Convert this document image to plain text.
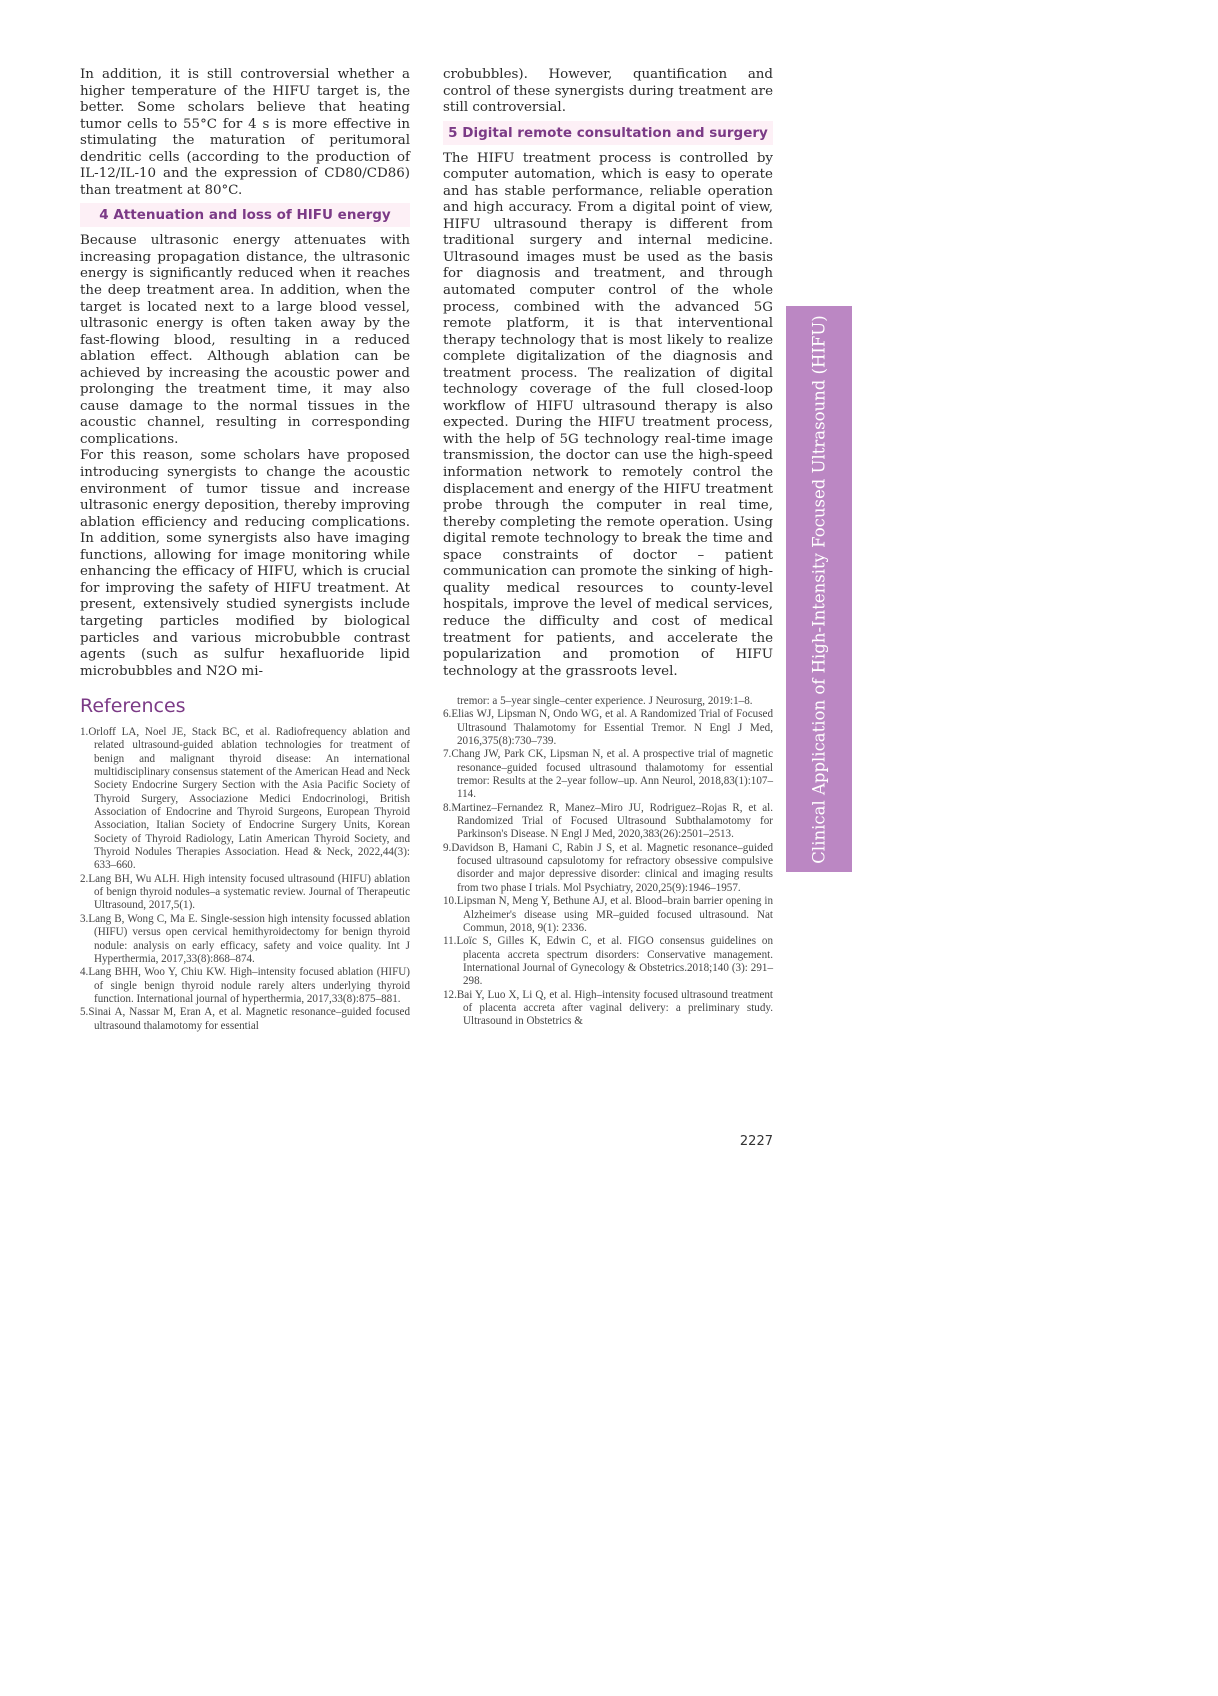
In addition, it is still controversial whether a higher temperature of the HIFU target is, the better. Some scholars believe that heating tumor cells to 55°C for 4 s is more effective in stimulating the maturation of peritumoral dendritic cells (according to the production of IL-12/IL-10 and the expression of CD80/CD86) than treatment at 80°C.

4 Attenuation and loss of HIFU energy

Because ultrasonic energy attenuates with increasing propagation distance, the ultrasonic energy is significantly reduced when it reaches the deep treatment area. In addition, when the target is located next to a large blood vessel, ultrasonic energy is often taken away by the fast-flowing blood, resulting in a reduced ablation effect. Although ablation can be achieved by increasing the acoustic power and prolonging the treatment time, it may also cause damage to the normal tissues in the acoustic channel, resulting in corresponding complications.

For this reason, some scholars have proposed introducing synergists to change the acoustic environment of tumor tissue and increase ultrasonic energy deposition, thereby improving ablation efficiency and reducing complications. In addition, some synergists also have imaging functions, allowing for image monitoring while enhancing the efficacy of HIFU, which is crucial for improving the safety of HIFU treatment. At present, extensively studied synergists include targeting particles modified by biological particles and various microbubble contrast agents (such as sulfur hexafluoride lipid microbubbles and N2O mi-

crobubbles). However, quantification and control of these synergists during treatment are still controversial.

5 Digital remote consultation and surgery

The HIFU treatment process is controlled by computer automation, which is easy to operate and has stable performance, reliable operation and high accuracy. From a digital point of view, HIFU ultrasound therapy is different from traditional surgery and internal medicine. Ultrasound images must be used as the basis for diagnosis and treatment, and through automated computer control of the whole process, combined with the advanced 5G remote platform, it is that interventional therapy technology that is most likely to realize complete digitalization of the diagnosis and treatment process. The realization of digital technology coverage of the full closed-loop workflow of HIFU ultrasound therapy is also expected. During the HIFU treatment process, with the help of 5G technology real-time image transmission, the doctor can use the high-speed information network to remotely control the displacement and energy of the HIFU treatment probe through the computer in real time, thereby completing the remote operation. Using digital remote technology to break the time and space constraints of doctor – patient communication can promote the sinking of high-quality medical resources to county-level hospitals, improve the level of medical services, reduce the difficulty and cost of medical treatment for patients, and accelerate the popularization and promotion of HIFU technology at the grassroots level.

References

1.Orloff LA, Noel JE, Stack BC, et al. Radiofrequency ablation and related ultrasound-guided ablation technologies for treatment of benign and malignant thyroid disease: An international multidisciplinary consensus statement of the American Head and Neck Society Endocrine Surgery Section with the Asia Pacific Society of Thyroid Surgery, Associazione Medici Endocrinologi, British Association of Endocrine and Thyroid Surgeons, European Thyroid Association, Italian Society of Endocrine Surgery Units, Korean Society of Thyroid Radiology, Latin American Thyroid Society, and Thyroid Nodules Therapies Association. Head & Neck, 2022,44(3): 633–660.

2.Lang BH, Wu ALH. High intensity focused ultrasound (HIFU) ablation of benign thyroid nodules–a systematic review. Journal of Therapeutic Ultrasound, 2017,5(1).

3.Lang B, Wong C, Ma E. Single-session high intensity focussed ablation (HIFU) versus open cervical hemithyroidectomy for benign thyroid nodule: analysis on early efficacy, safety and voice quality. Int J Hyperthermia, 2017,33(8):868–874.

4.Lang BHH, Woo Y, Chiu KW. High–intensity focused ablation (HIFU) of single benign thyroid nodule rarely alters underlying thyroid function. International journal of hyperthermia, 2017,33(8):875–881.

5.Sinai A, Nassar M, Eran A, et al. Magnetic resonance–guided focused ultrasound thalamotomy for essential

tremor: a 5–year single–center experience. J Neurosurg, 2019:1–8.

6.Elias WJ, Lipsman N, Ondo WG, et al. A Randomized Trial of Focused Ultrasound Thalamotomy for Essential Tremor. N Engl J Med, 2016,375(8):730–739.

7.Chang JW, Park CK, Lipsman N, et al. A prospective trial of magnetic resonance–guided focused ultrasound thalamotomy for essential tremor: Results at the 2–year follow–up. Ann Neurol, 2018,83(1):107–114.

8.Martinez–Fernandez R, Manez–Miro JU, Rodriguez–Rojas R, et al. Randomized Trial of Focused Ultrasound Subthalamotomy for Parkinson's Disease. N Engl J Med, 2020,383(26):2501–2513.

9.Davidson B, Hamani C, Rabin J S, et al. Magnetic resonance–guided focused ultrasound capsulotomy for refractory obsessive compulsive disorder and major depressive disorder: clinical and imaging results from two phase I trials. Mol Psychiatry, 2020,25(9):1946–1957.

10.Lipsman N, Meng Y, Bethune AJ, et al. Blood–brain barrier opening in Alzheimer's disease using MR–guided focused ultrasound. Nat Commun, 2018, 9(1): 2336.

11.Loïc S, Gilles K, Edwin C, et al. FIGO consensus guidelines on placenta accreta spectrum disorders: Conservative management. International Journal of Gynecology & Obstetrics.2018;140 (3): 291–298.

12.Bai Y, Luo X, Li Q, et al. High–intensity focused ultrasound treatment of placenta accreta after vaginal delivery: a preliminary study. Ultrasound in Obstetrics &

Clinical Application of High-Intensity Focused Ultrasound (HIFU)
2227
